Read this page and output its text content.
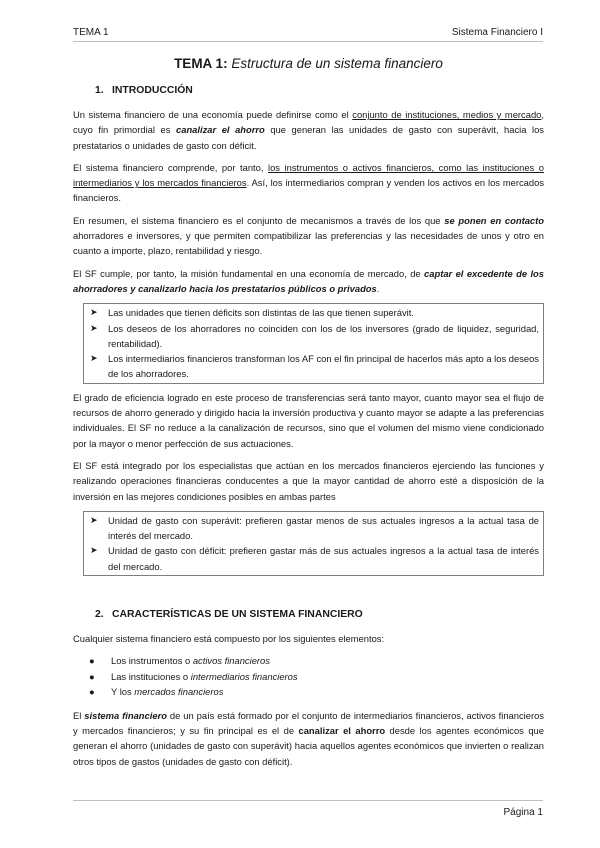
TEMA 1	Sistema Financiero I
TEMA 1: Estructura de un sistema financiero
1. INTRODUCCIÓN

Un sistema financiero de una economía puede definirse como el conjunto de instituciones, medios y mercado, cuyo fin primordial es canalizar el ahorro que generan las unidades de gasto con superávit, hacia los prestatarios o unidades de gasto con déficit.

El sistema financiero comprende, por tanto, los instrumentos o activos financieros, como las instituciones o intermediarios y los mercados financieros. Así, los intermediarios compran y venden los activos en los mercados financieros.

En resumen, el sistema financiero es el conjunto de mecanismos a través de los que se ponen en contacto ahorradores e inversores, y que permiten compatibilizar las preferencias y las necesidades de unos y otro en cuanto a importe, plazo, rentabilidad y riesgo.

El SF cumple, por tanto, la misión fundamental en una economía de mercado, de captar el excedente de los ahorradores y canalizarlo hacia los prestatarios públicos o privados.

➤ Las unidades que tienen déficits son distintas de las que tienen superávit.
➤ Los deseos de los ahorradores no coinciden con los de los inversores (grado de liquidez, seguridad, rentabilidad).
➤ Los intermediarios financieros transforman los AF con el fin principal de hacerlos más apto a los deseos de los ahorradores.

El grado de eficiencia logrado en este proceso de transferencias será tanto mayor, cuanto mayor sea el flujo de recursos de ahorro generado y dirigido hacia la inversión productiva y cuanto mayor se adapte a las preferencias individuales. El SF no reduce a la canalización de recursos, sino que el volumen del mismo viene condicionado por la mayor o menor perfección de sus actuaciones.

El SF está integrado por los especialistas que actúan en los mercados financieros ejerciendo las funciones y realizando operaciones financieras conducentes a que la mayor cantidad de ahorro esté a disposición de la inversión en las mejores condiciones posibles en ambas partes

➤ Unidad de gasto con superávit: prefieren gastar menos de sus actuales ingresos a la actual tasa de interés del mercado.
➤ Unidad de gasto con déficit: prefieren gastar más de sus actuales ingresos a la actual tasa de interés del mercado.
2. CARACTERÍSTICAS DE UN SISTEMA FINANCIERO

Cualquier sistema financiero está compuesto por los siguientes elementos:

● Los instrumentos o activos financieros
● Las instituciones o intermediarios financieros
● Y los mercados financieros

El sistema financiero de un país está formado por el conjunto de intermediarios financieros, activos financieros y mercados financieros; y su fin principal es el de canalizar el ahorro desde los agentes económicos que generan el ahorro (unidades de gasto con superávit) hacia aquellos agentes económicos que invierten o realizan otros tipos de gastos (unidades de gasto con déficit).

Página 1
